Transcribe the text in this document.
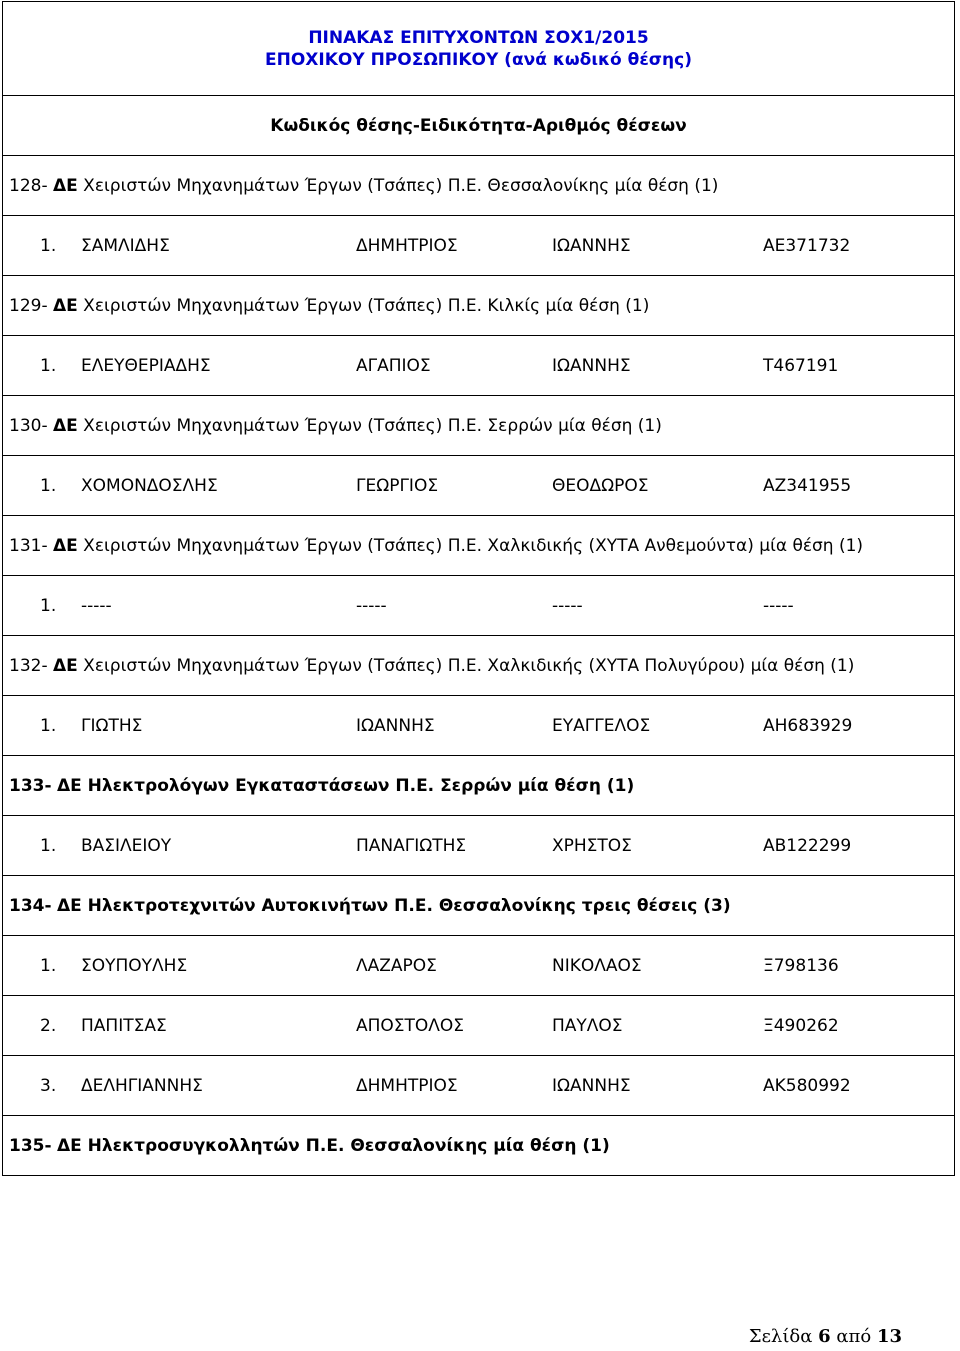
ΠΙΝΑΚΑΣ ΕΠΙΤΥΧΟΝΤΩΝ ΣΟΧ1/2015
ΕΠΟΧΙΚΟΥ ΠΡΟΣΩΠΙΚΟΥ (ανά κωδικό θέσης)

Κωδικός θέσης-Ειδικότητα-Αριθμός θέσεων
128- ΔΕ Χειριστών Μηχανημάτων Έργων (Τσάπες) Π.Ε. Θεσσαλονίκης μία θέση (1)

1. ΣΑΜΛΙΔΗΣ	ΔΗΜΗΤΡΙΟΣ	ΙΩΑΝΝΗΣ	ΑΕ371732

129- ΔΕ Χειριστών Μηχανημάτων Έργων (Τσάπες) Π.Ε. Κιλκίς μία θέση (1)

1. ΕΛΕΥΘΕΡΙΑΔΗΣ	ΑΓΑΠΙΟΣ	ΙΩΑΝΝΗΣ	Τ467191

130- ΔΕ Χειριστών Μηχανημάτων Έργων (Τσάπες) Π.Ε. Σερρών μία θέση (1)

1. ΧΟΜΟΝΔΟΣΛΗΣ	ΓΕΩΡΓΙΟΣ	ΘΕΟΔΩΡΟΣ	ΑΖ341955

131- ΔΕ Χειριστών Μηχανημάτων Έργων (Τσάπες) Π.Ε. Χαλκιδικής (ΧΥΤΑ Ανθεμούντα) μία θέση (1)

1. -----	-----	-----	-----

132- ΔΕ Χειριστών Μηχανημάτων Έργων (Τσάπες) Π.Ε. Χαλκιδικής (ΧΥΤΑ Πολυγύρου) μία θέση (1)

1. ΓΙΩΤΗΣ	ΙΩΑΝΝΗΣ	ΕΥΑΓΓΕΛΟΣ	ΑΗ683929

133- ΔΕ Ηλεκτρολόγων Εγκαταστάσεων Π.Ε. Σερρών μία θέση (1)

1. ΒΑΣΙΛΕΙΟΥ	ΠΑΝΑΓΙΩΤΗΣ	ΧΡΗΣΤΟΣ	ΑΒ122299

134- ΔΕ Ηλεκτροτεχνιτών Αυτοκινήτων Π.Ε. Θεσσαλονίκης τρεις θέσεις (3)

1. ΣΟΥΠΟΥΛΗΣ	ΛΑΖΑΡΟΣ	ΝΙΚΟΛΑΟΣ	Ξ798136

2. ΠΑΠΙΤΣΑΣ	ΑΠΟΣΤΟΛΟΣ	ΠΑΥΛΟΣ	Ξ490262

3. ΔΕΛΗΓΙΑΝΝΗΣ	ΔΗΜΗΤΡΙΟΣ	ΙΩΑΝΝΗΣ	ΑΚ580992

135- ΔΕ Ηλεκτροσυγκολλητών Π.Ε. Θεσσαλονίκης μία θέση (1)
Σελίδα 6 από 13
